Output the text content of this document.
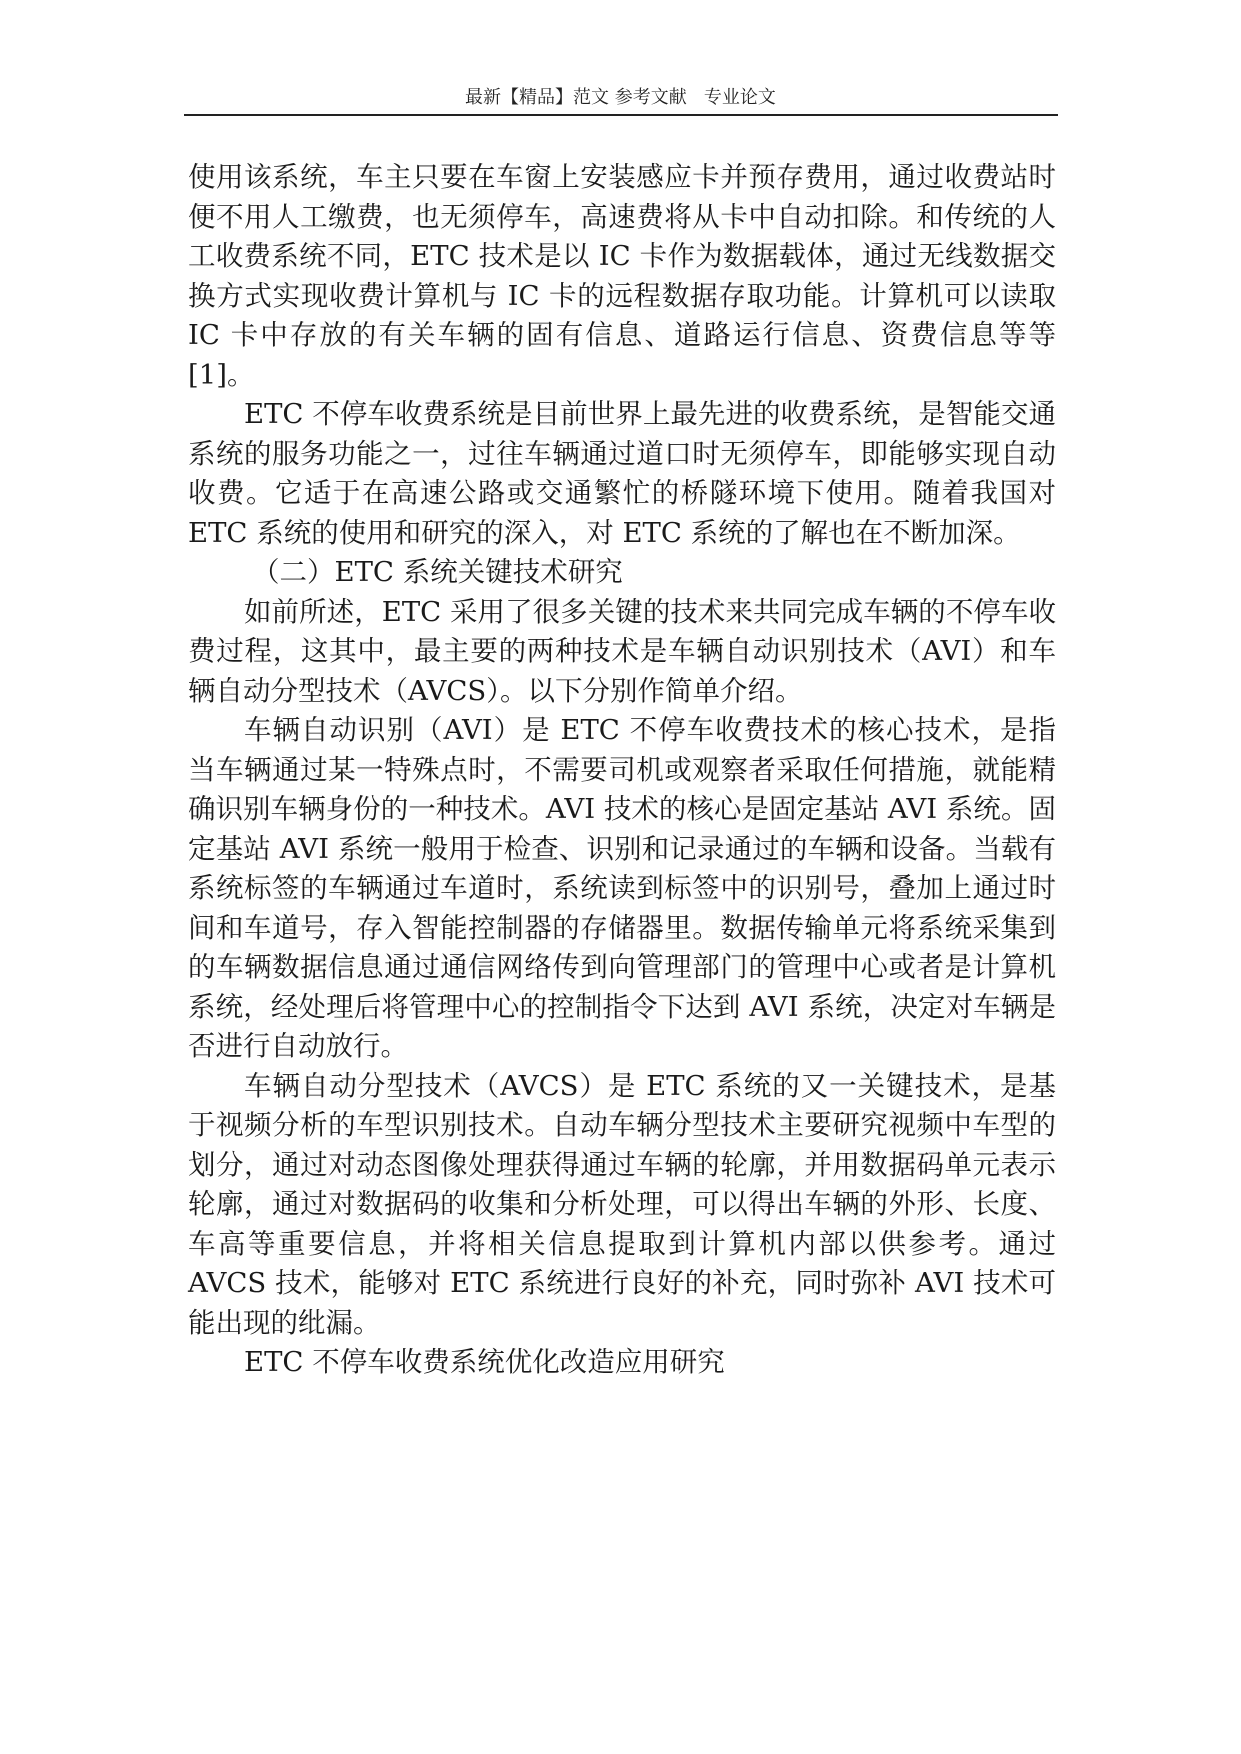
最新【精品】范文 参考文献   专业论文

使用该系统，车主只要在车窗上安装感应卡并预存费用，通过收费站时便不用人工缴费，也无须停车，高速费将从卡中自动扣除。和传统的人工收费系统不同，ETC 技术是以 IC 卡作为数据载体，通过无线数据交换方式实现收费计算机与 IC 卡的远程数据存取功能。计算机可以读取 IC 卡中存放的有关车辆的固有信息、道路运行信息、资费信息等等[1]。

ETC 不停车收费系统是目前世界上最先进的收费系统，是智能交通系统的服务功能之一，过往车辆通过道口时无须停车，即能够实现自动收费。它适于在高速公路或交通繁忙的桥隧环境下使用。随着我国对 ETC 系统的使用和研究的深入，对 ETC 系统的了解也在不断加深。

（二）ETC 系统关键技术研究

如前所述，ETC 采用了很多关键的技术来共同完成车辆的不停车收费过程，这其中，最主要的两种技术是车辆自动识别技术（AVI）和车辆自动分型技术（AVCS）。以下分别作简单介绍。

车辆自动识别（AVI）是 ETC 不停车收费技术的核心技术，是指当车辆通过某一特殊点时，不需要司机或观察者采取任何措施，就能精确识别车辆身份的一种技术。AVI 技术的核心是固定基站 AVI 系统。固定基站 AVI 系统一般用于检查、识别和记录通过的车辆和设备。当载有系统标签的车辆通过车道时，系统读到标签中的识别号，叠加上通过时间和车道号，存入智能控制器的存储器里。数据传输单元将系统采集到的车辆数据信息通过通信网络传到向管理部门的管理中心或者是计算机系统，经处理后将管理中心的控制指令下达到 AVI 系统，决定对车辆是否进行自动放行。

车辆自动分型技术（AVCS）是 ETC 系统的又一关键技术，是基于视频分析的车型识别技术。自动车辆分型技术主要研究视频中车型的划分，通过对动态图像处理获得通过车辆的轮廓，并用数据码单元表示轮廓，通过对数据码的收集和分析处理，可以得出车辆的外形、长度、车高等重要信息，并将相关信息提取到计算机内部以供参考。通过 AVCS 技术，能够对 ETC 系统进行良好的补充，同时弥补 AVI 技术可能出现的纰漏。

ETC 不停车收费系统优化改造应用研究
